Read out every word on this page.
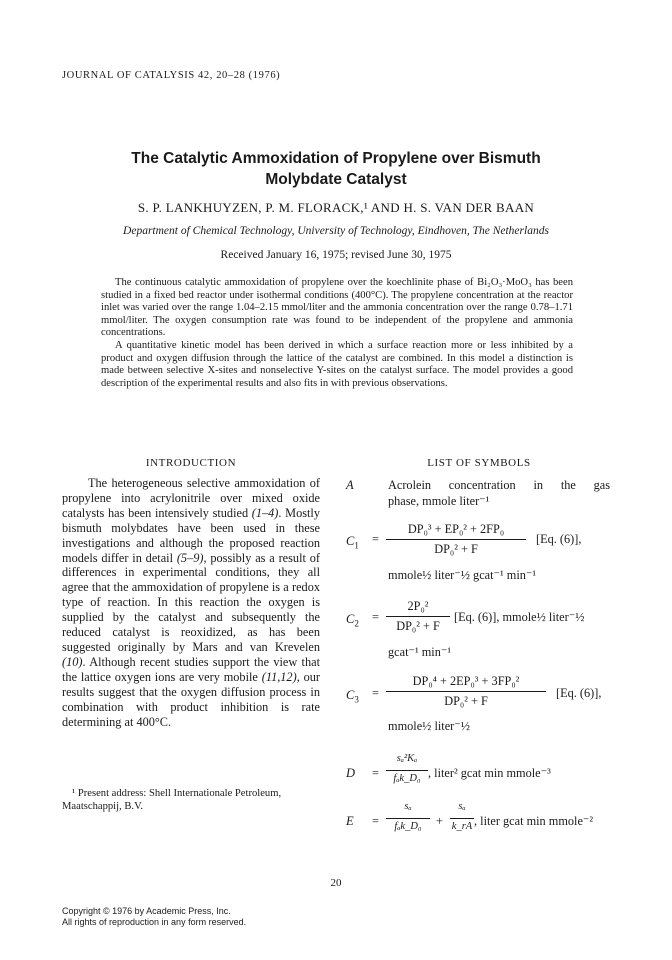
JOURNAL OF CATALYSIS 42, 20–28 (1976)
The Catalytic Ammoxidation of Propylene over Bismuth
Molybdate Catalyst
S. P. LANKHUYZEN, P. M. FLORACK,¹ AND H. S. VAN DER BAAN
Department of Chemical Technology, University of Technology, Eindhoven, The Netherlands
Received January 16, 1975; revised June 30, 1975

The continuous catalytic ammoxidation of propylene over the koechlinite phase of Bi₂O₃·MoO₃ has been studied in a fixed bed reactor under isothermal conditions (400°C). The propylene concentration at the reactor inlet was varied over the range 1.04–2.15 mmol/liter and the ammonia concentration over the range 0.78–1.71 mmol/liter. The oxygen consumption rate was found to be independent of the propylene and ammonia concentrations.

A quantitative kinetic model has been derived in which a surface reaction more or less inhibited by a product and oxygen diffusion through the lattice of the catalyst are combined. In this model a distinction is made between selective X-sites and nonselective Y-sites on the catalyst surface. The model provides a good description of the experimental results and also fits in with previous observations.

INTRODUCTION	LIST OF SYMBOLS

The heterogeneous selective ammoxidation of propylene into acrylonitrile over mixed oxide catalysts has been intensively studied (1–4). Mostly bismuth molybdates have been used in these investigations and although the proposed reaction models differ in detail (5–9), possibly as a result of differences in experimental conditions, they all agree that the ammoxidation of propylene is a redox type of reaction. In this reaction the oxygen is supplied by the catalyst and subsequently the reduced catalyst is reoxidized, as has been suggested originally by Mars and van Krevelen (10). Although recent studies support the view that the lattice oxygen ions are very mobile (11,12), our results suggest that the oxygen diffusion process in combination with product inhibition is rate determining at 400°C.

¹ Present address: Shell Internationale Petroleum, Maatschappij, B.V.

A	Acrolein concentration in the gas
phase, mmole liter⁻¹
$C_1$ =
DP₀³ + EP₀² + 2FP₀
DP₀² + F
[Eq. (6)],
mmole½ liter⁻½ gcat⁻¹ min⁻¹
$C_2$ =
2P₀²
DP₀² + F
[Eq. (6)], mmole½ liter⁻½
gcat⁻¹ min⁻¹
$C_3$ =
DP₀⁴ + 2EP₀³ + 3FP₀²
DP₀² + F
[Eq. (6)],
mmole½ liter⁻½
D =
sₐ²Kₐ
fₐk_D₀ , liter² gcat min mmole⁻³
E =
sₐ
fₐk_D₀	+
sₐ
k_rA , liter gcat min mmole⁻²
20
Copyright © 1976 by Academic Press, Inc.
All rights of reproduction in any form reserved.
